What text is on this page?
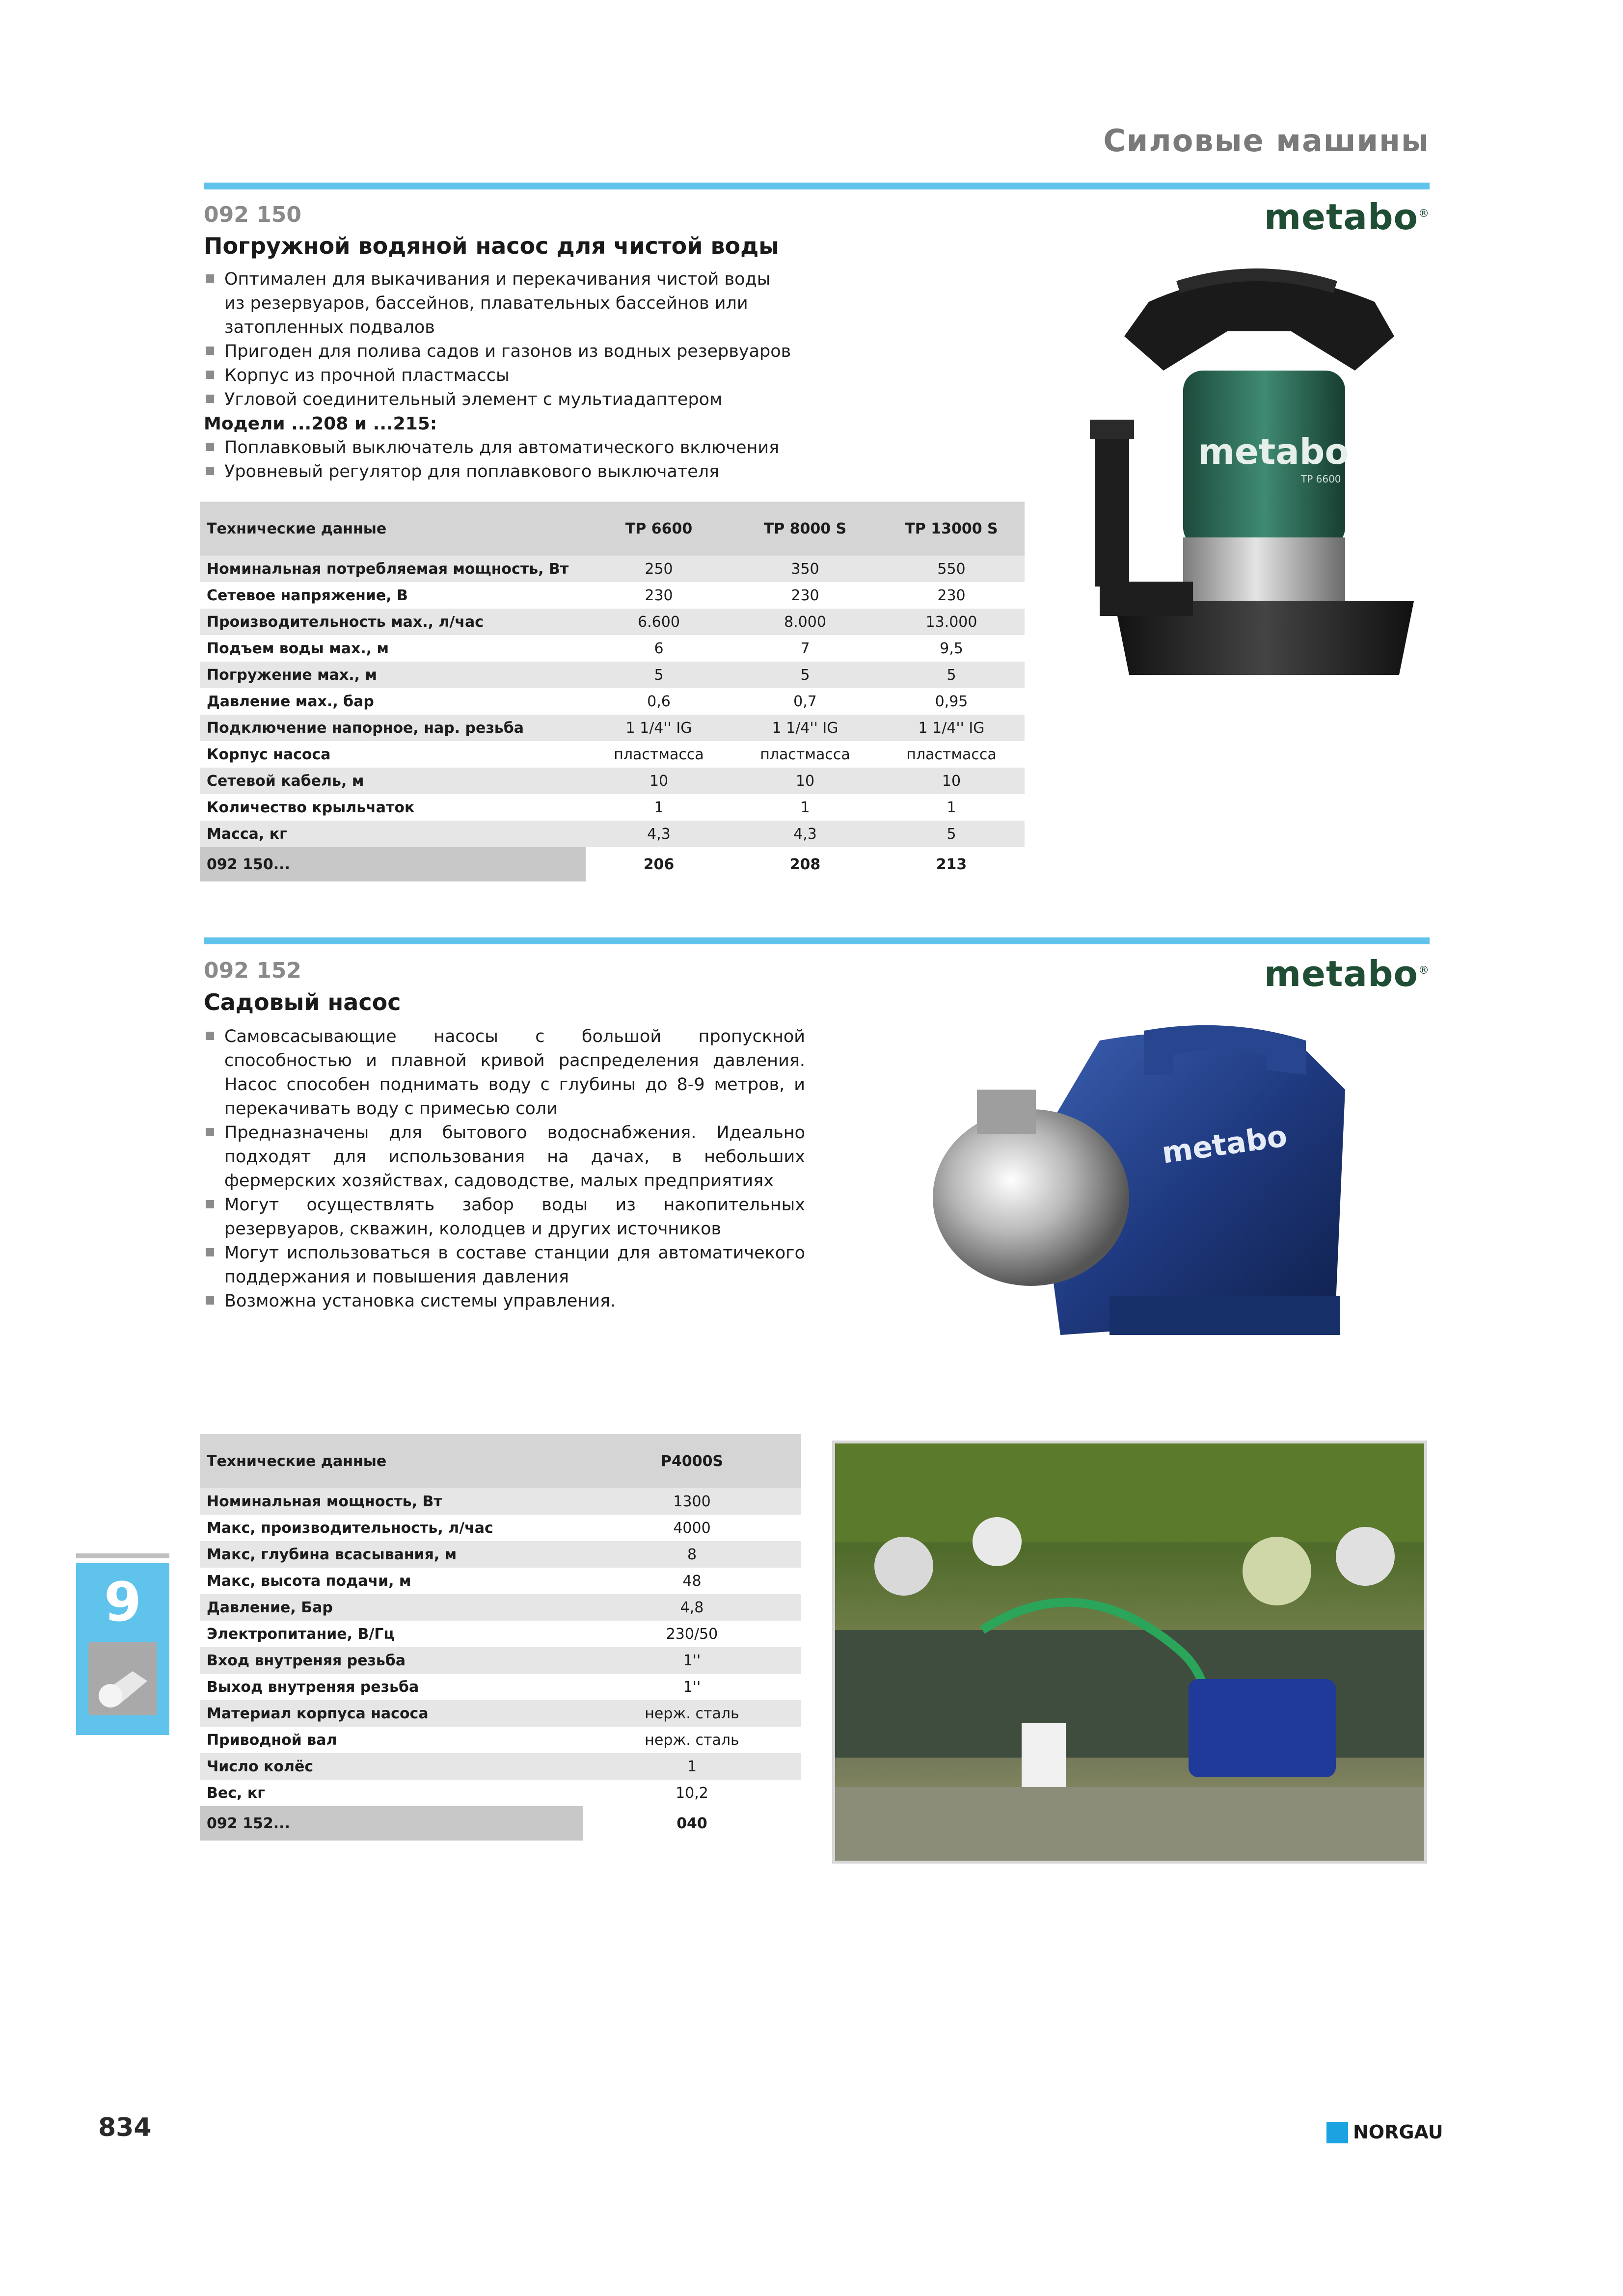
Силовые машины
092 150	metabo®
Погружной водяной насос для чистой воды
Оптимален для выкачивания и перекачивания чистой воды из резервуаров, бассейнов, плавательных бассейнов или затопленных подвалов
Пригоден для полива садов и газонов из водных резервуаров
Корпус из прочной пластмассы
Угловой соединительный элемент с мультиадаптером
Модели ...208 и ...215:
Поплавковый выключатель для автоматического включения
Уровневый регулятор для поплавкового выключателя	metabo
TP 6600
Технические данные	TP 6600	TP 8000 S	TP 13000 S
Номинальная потребляемая мощность, Вт	250	350	550
Сетевое напряжение, В	230	230	230
Производительность мах., л/час	6.600	8.000	13.000
Подъем воды мах., м	6	7	9,5
Погружение мах., м	5	5	5
Давление мах., бар	0,6	0,7	0,95
Подключение напорное, нар. резьба	1 1/4'' IG	1 1/4'' IG	1 1/4'' IG
Корпус насоса	пластмасса	пластмасса	пластмасса
Сетевой кабель, м	10	10	10
Количество крыльчаток	1	1	1
Масса, кг	4,3	4,3	5
092 150...	206	208	213
092 152	metabo®
Садовый насос
Самовсасывающие насосы с большой пропускной способностью и плавной кривой распределения давления. Насос способен поднимать воду с глубины до 8-9 метров, и перекачивать воду с примесью соли
Предназначены для бытового водоснабжения. Идеально подходят для использования на дачах, в небольших фермерских хозяйствах, садоводстве, малых предприятиях
Могут осуществлять забор воды из накопительных резервуаров, скважин, колодцев и других источников
Могут использоваться в составе станции для автоматичекого поддержания и повышения давления
Возможна установка системы управления.
metabo
Технические данные	P4000S
Номинальная мощность, Вт	1300
Макс, производительность, л/час	4000
Макс, глубина всасывания, м	8
Макс, высота подачи, м	48
Давление, Бар	4,8
Электропитание, В/Гц	230/50
Вход внутреняя резьба	1''
Выход внутреняя резьба	1''
Материал корпуса насоса	нерж. сталь
Приводной вал	нерж. сталь
Число колёс	1
Вес, кг	10,2
092 152...	040
9
834	NORGAU
